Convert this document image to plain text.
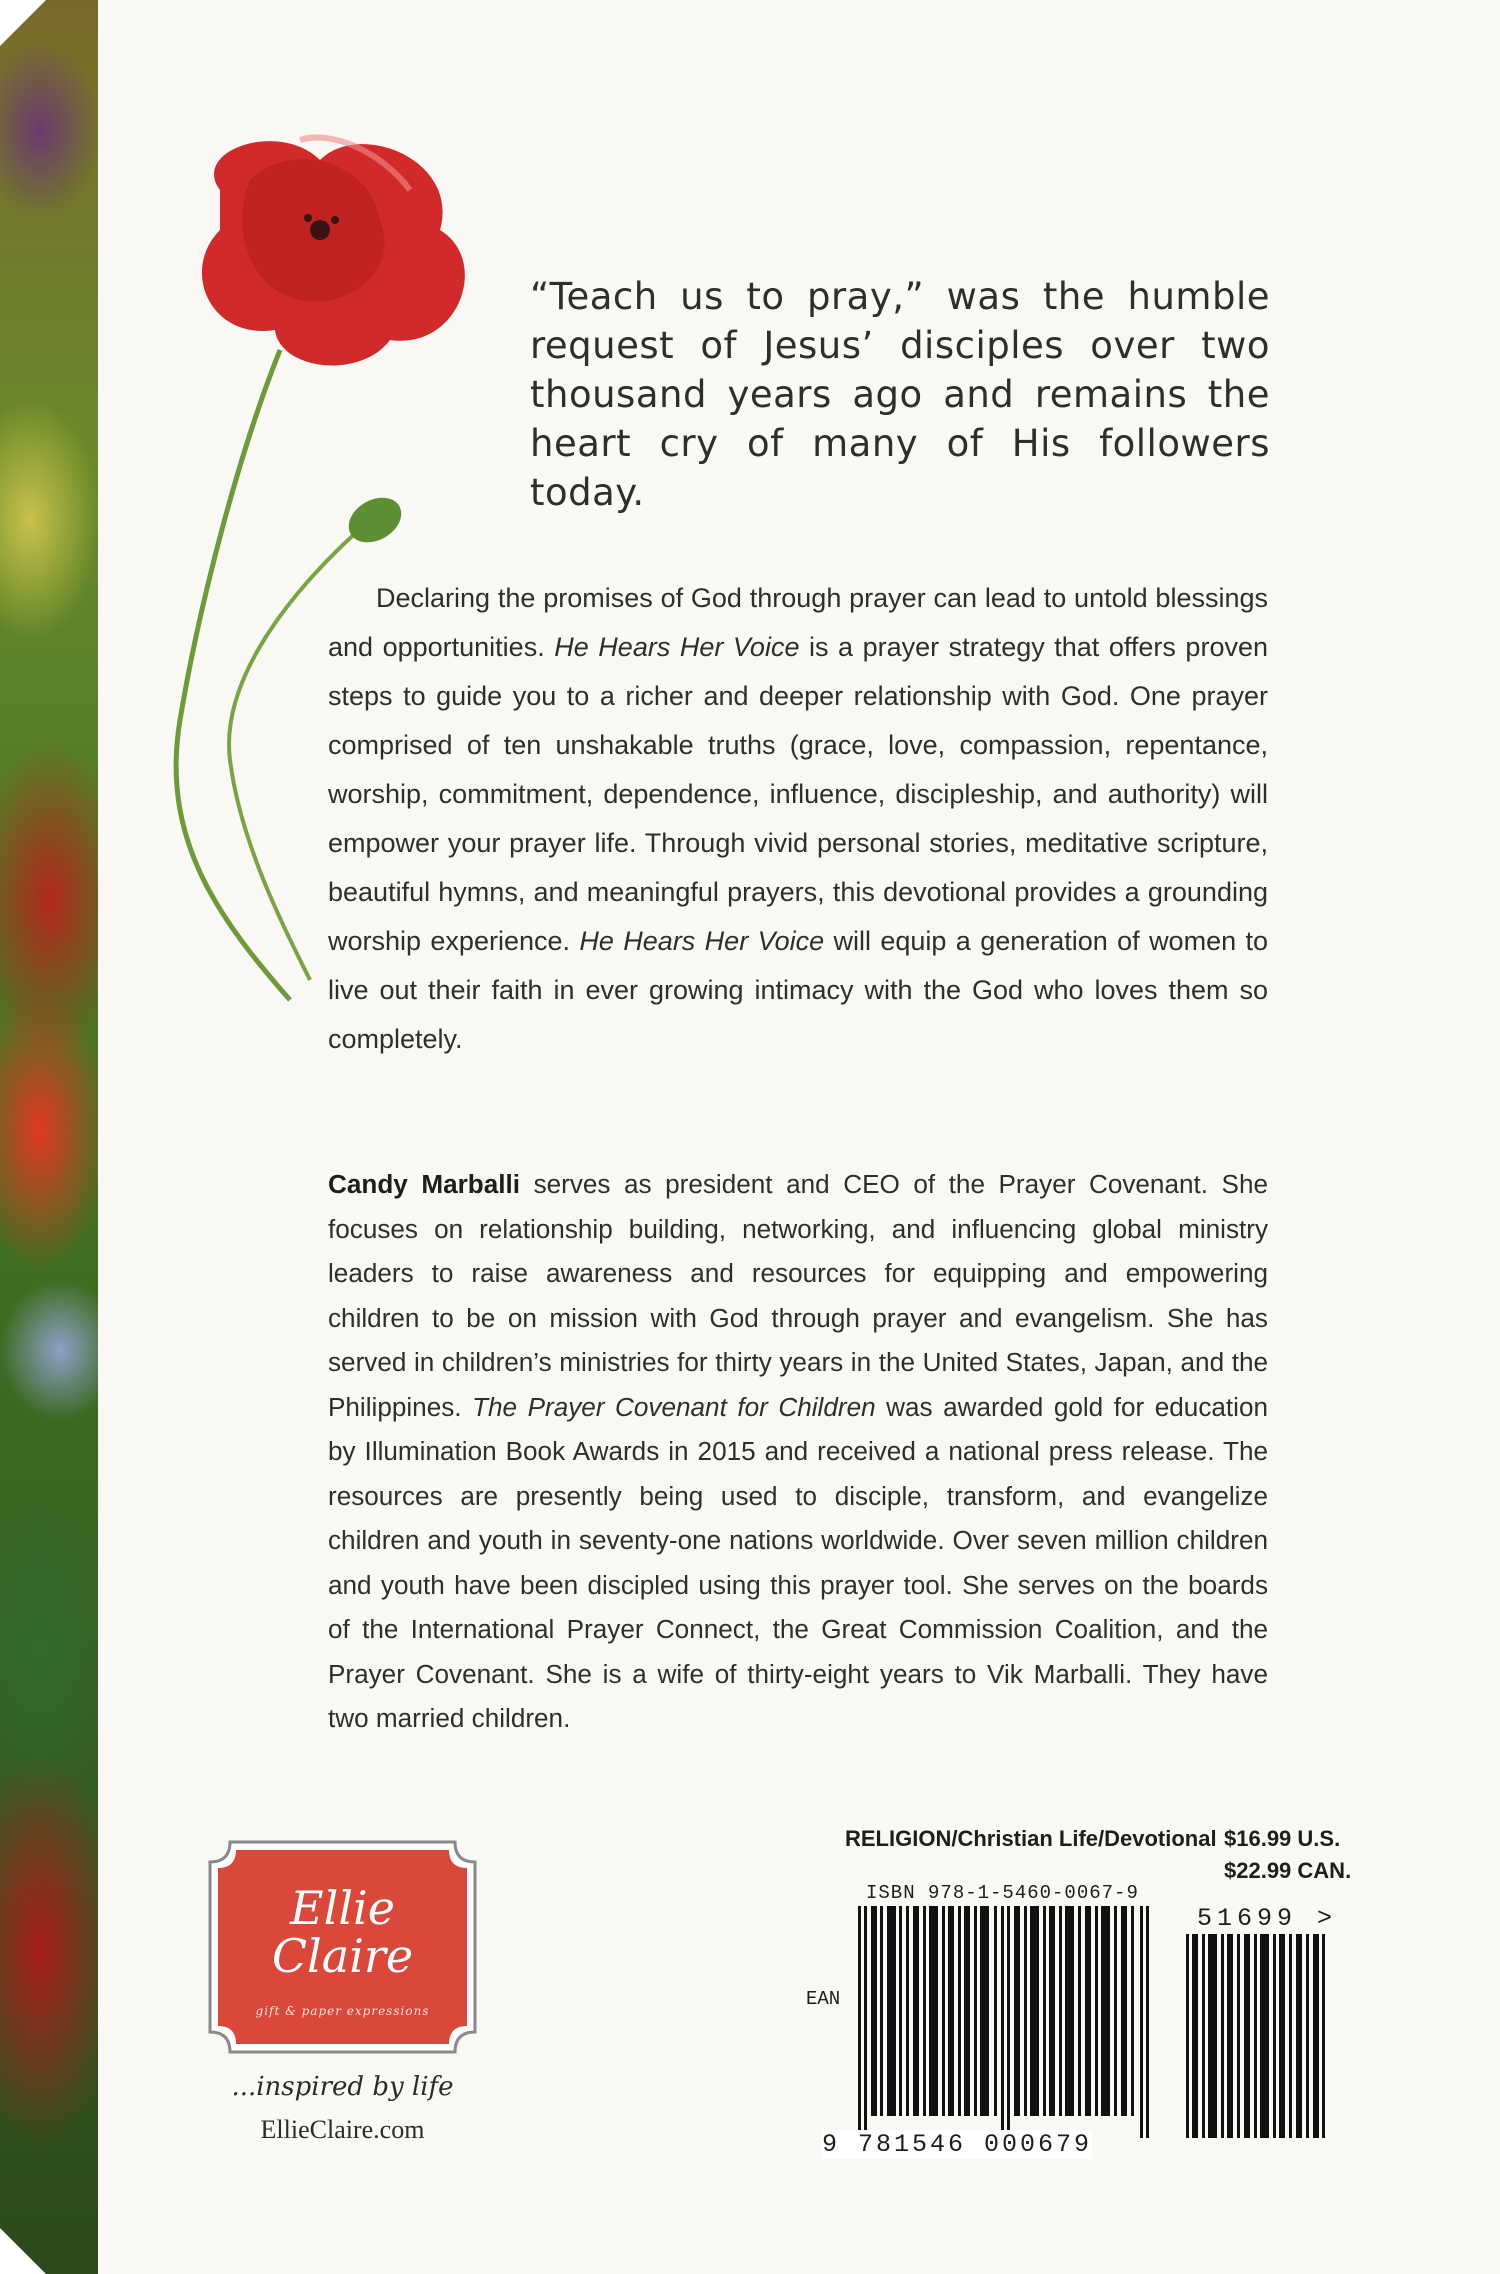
“Teach us to pray,” was the humble request of Jesus’ disciples over two thousand years ago and remains the heart cry of many of His followers today.

Declaring the promises of God through prayer can lead to untold blessings and opportunities. He Hears Her Voice is a prayer strategy that offers proven steps to guide you to a richer and deeper relationship with God. One prayer comprised of ten unshakable truths (grace, love, compassion, repentance, worship, commitment, dependence, influence, discipleship, and authority) will empower your prayer life. Through vivid personal stories, meditative scripture, beautiful hymns, and meaningful prayers, this devotional provides a grounding worship experience. He Hears Her Voice will equip a generation of women to live out their faith in ever growing intimacy with the God who loves them so completely.

Candy Marballi serves as president and CEO of the Prayer Covenant. She focuses on relationship building, networking, and influencing global ministry leaders to raise awareness and resources for equipping and empowering children to be on mission with God through prayer and evangelism. She has served in children’s ministries for thirty years in the United States, Japan, and the Philippines. The Prayer Covenant for Children was awarded gold for education by Illumination Book Awards in 2015 and received a national press release. The resources are presently being used to disciple, transform, and evangelize children and youth in seventy-one nations worldwide. Over seven million children and youth have been discipled using this prayer tool. She serves on the boards of the International Prayer Connect, the Great Commission Coalition, and the Prayer Covenant. She is a wife of thirty-eight years to Vik Marballi. They have two married children.

Ellie
Claire
gift & paper expressions
...inspired by life
EllieClaire.com
RELIGION/Christian Life/Devotional $16.99 U.S.
$22.99 CAN.
ISBN 978-1-5460-0067-9
EAN
9 781546 000679
51699 >
